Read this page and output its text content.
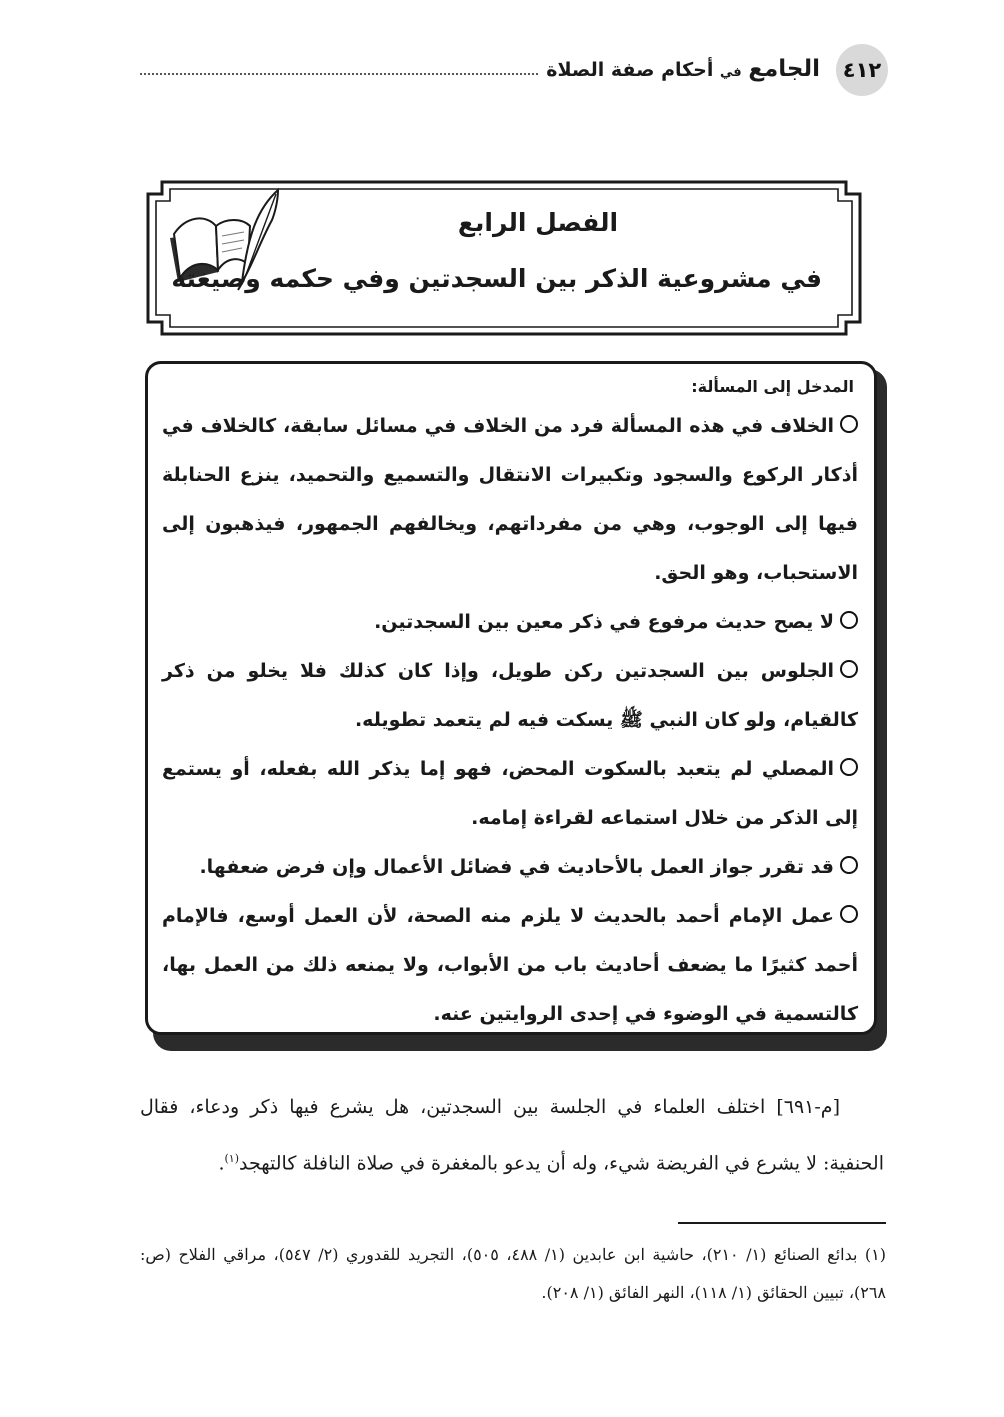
٤١٢
الجامع في أحكام صفة الصلاة
الفصل الرابع
في مشروعية الذكر بين السجدتين وفي حكمه وصيغته
المدخل إلى المسألة:
الخلاف في هذه المسألة فرد من الخلاف في مسائل سابقة، كالخلاف في أذكار الركوع والسجود وتكبيرات الانتقال والتسميع والتحميد، ينزع الحنابلة فيها إلى الوجوب، وهي من مفرداتهم، ويخالفهم الجمهور، فيذهبون إلى الاستحباب، وهو الحق.
لا يصح حديث مرفوع في ذكر معين بين السجدتين.
الجلوس بين السجدتين ركن طويل، وإذا كان كذلك فلا يخلو من ذكر كالقيام، ولو كان النبي ﷺ يسكت فيه لم يتعمد تطويله.
المصلي لم يتعبد بالسكوت المحض، فهو إما يذكر الله بفعله، أو يستمع إلى الذكر من خلال استماعه لقراءة إمامه.
قد تقرر جواز العمل بالأحاديث في فضائل الأعمال وإن فرض ضعفها.
عمل الإمام أحمد بالحديث لا يلزم منه الصحة، لأن العمل أوسع، فالإمام أحمد كثيرًا ما يضعف أحاديث باب من الأبواب، ولا يمنعه ذلك من العمل بها، كالتسمية في الوضوء في إحدى الروايتين عنه.

[م-٦٩١] اختلف العلماء في الجلسة بين السجدتين، هل يشرع فيها ذكر ودعاء، فقال الحنفية: لا يشرع في الفريضة شيء، وله أن يدعو بالمغفرة في صلاة النافلة كالتهجد$^{(١)}$.

(١) بدائع الصنائع (١/ ٢١٠)، حاشية ابن عابدين (١/ ٤٨٨، ٥٠٥)، التجريد للقدوري (٢/ ٥٤٧)، مراقي الفلاح (ص: ٢٦٨)، تبيين الحقائق (١/ ١١٨)، النهر الفائق (١/ ٢٠٨).
